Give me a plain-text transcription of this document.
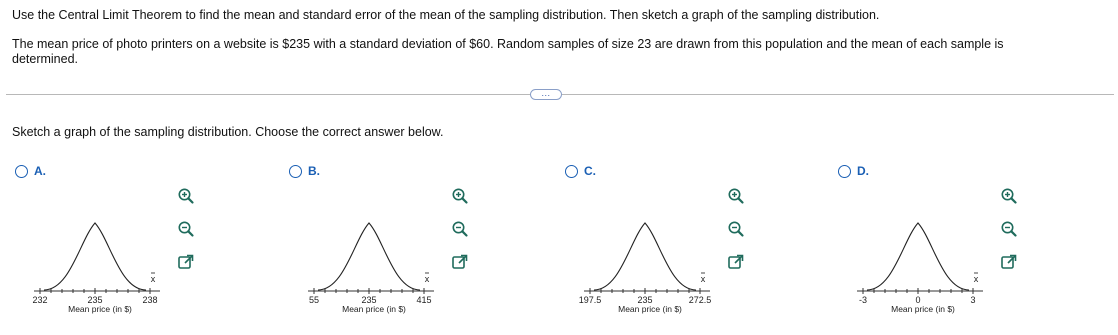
Use the Central Limit Theorem to find the mean and standard error of the mean of the sampling distribution. Then sketch a graph of the sampling distribution.
The mean price of photo printers on a website is $235 with a standard deviation of $60. Random samples of size 23 are drawn from this population and the mean of each sample is determined.
...
Sketch a graph of the sampling distribution. Choose the correct answer below.
A.
x
232	235	238
Mean price (in $)
B.
x
55	235	415
Mean price (in $)
C.
x
197.5	235	272.5
Mean price (in $)
D.
x
-3	0	3
Mean price (in $)
